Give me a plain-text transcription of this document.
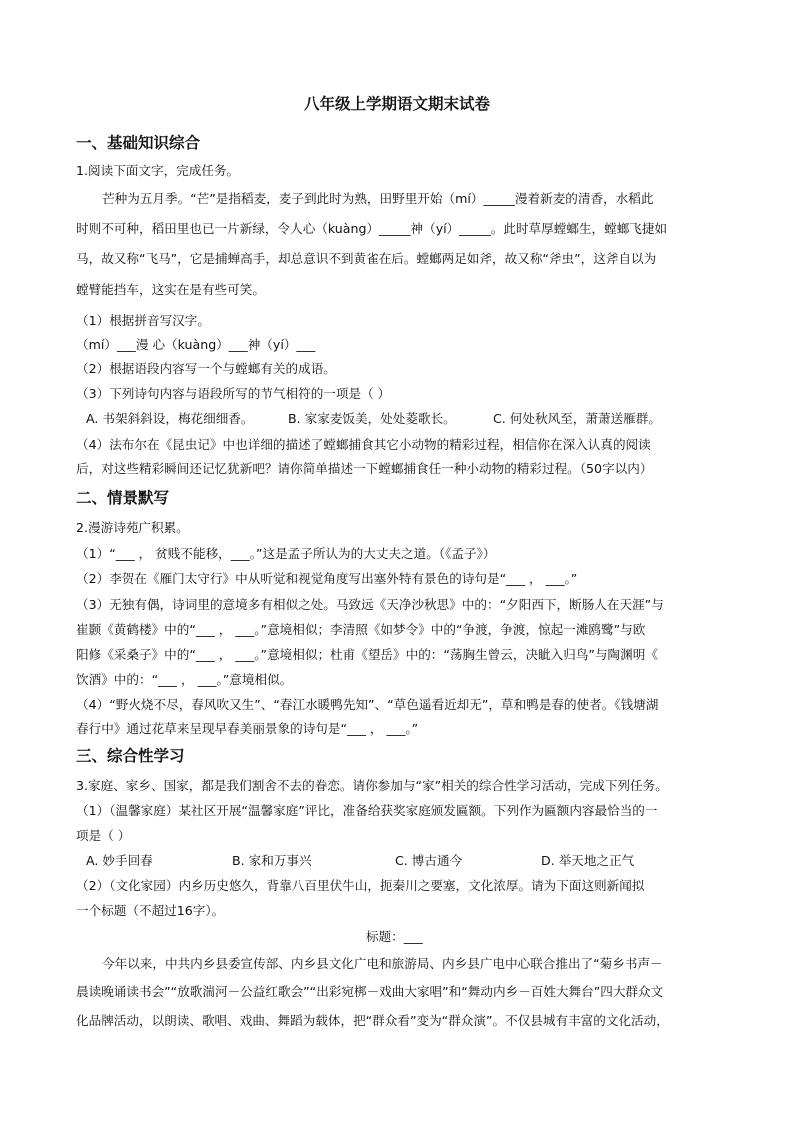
八年级上学期语文期末试卷
一、基础知识综合
1.阅读下面文字，完成任务。
芒种为五月季。“芒”是指稻麦，麦子到此时为熟，田野里开始（mí）_____漫着新麦的清香，水稻此
时则不可种，稻田里也已一片新绿，令人心（kuàng）_____神（yí）_____。此时草厚螳螂生，螳螂飞捷如
马，故又称“飞马”，它是捕蝉高手，却总意识不到黄雀在后。螳螂两足如斧，故又称“斧虫”，这斧自以为
螳臂能挡车，这实在是有些可笑。
（1）根据拼音写汉字。
（mí）___漫 心（kuàng）___神（yí）___
（2）根据语段内容写一个与螳螂有关的成语。
（3）下列诗句内容与语段所写的节气相符的一项是（ ）
A. 书架斜斜设，梅花细细香。	B. 家家麦饭美，处处菱歌长。	C. 何处秋风至，萧萧送雁群。
（4）法布尔在《昆虫记》中也详细的描述了螳螂捕食其它小动物的精彩过程，相信你在深入认真的阅读
后，对这些精彩瞬间还记忆犹新吧？请你简单描述一下螳螂捕食任一种小动物的精彩过程。（50字以内）
二、情景默写
2.漫游诗苑广积累。
（1）“___ ， 贫贱不能移，___。”这是孟子所认为的大丈夫之道。（《孟子》）
（2）李贺在《雁门太守行》中从听觉和视觉角度写出塞外特有景色的诗句是“___ ， ___。”
（3）无独有偶，诗词里的意境多有相似之处。马致远《天净沙秋思》中的：“夕阳西下，断肠人在天涯”与
崔颢《黄鹤楼》中的“___ ， ___。”意境相似；李清照《如梦令》中的“争渡，争渡，惊起一滩鸥鹭”与欧
阳修《采桑子》中的“___ ， ___。”意境相似；杜甫《望岳》中的：“荡胸生曾云，决眦入归鸟”与陶渊明《
饮酒》中的：“___ ， ___。”意境相似。
（4）“野火烧不尽，春风吹又生”、“春江水暖鸭先知”、“草色遥看近却无”，草和鸭是春的使者。《钱塘湖
春行中》通过花草来呈现早春美丽景象的诗句是“___ ， ___。”
三、综合性学习
3.家庭、家乡、国家，都是我们割舍不去的眷恋。请你参加与“家”相关的综合性学习活动，完成下列任务。
（1）（温馨家庭）某社区开展“温馨家庭”评比，准备给获奖家庭颁发匾额。下列作为匾额内容最恰当的一
项是（ ）
A. 妙手回春	B. 家和万事兴	C. 博古通今	D. 举天地之正气
（2）（文化家园）内乡历史悠久，背靠八百里伏牛山，扼秦川之要塞，文化浓厚。请为下面这则新闻拟
一个标题（不超过16字）。
标题：___
今年以来，中共内乡县委宣传部、内乡县文化广电和旅游局、内乡县广电中心联合推出了“菊乡书声－
晨读晚诵读书会”“放歌湍河－公益红歌会”“出彩宛梆－戏曲大家唱”和“舞动内乡－百姓大舞台”四大群众文
化品牌活动，以朗读、歌唱、戏曲、舞蹈为载体，把“群众看”变为“群众演”。不仅县城有丰富的文化活动，
